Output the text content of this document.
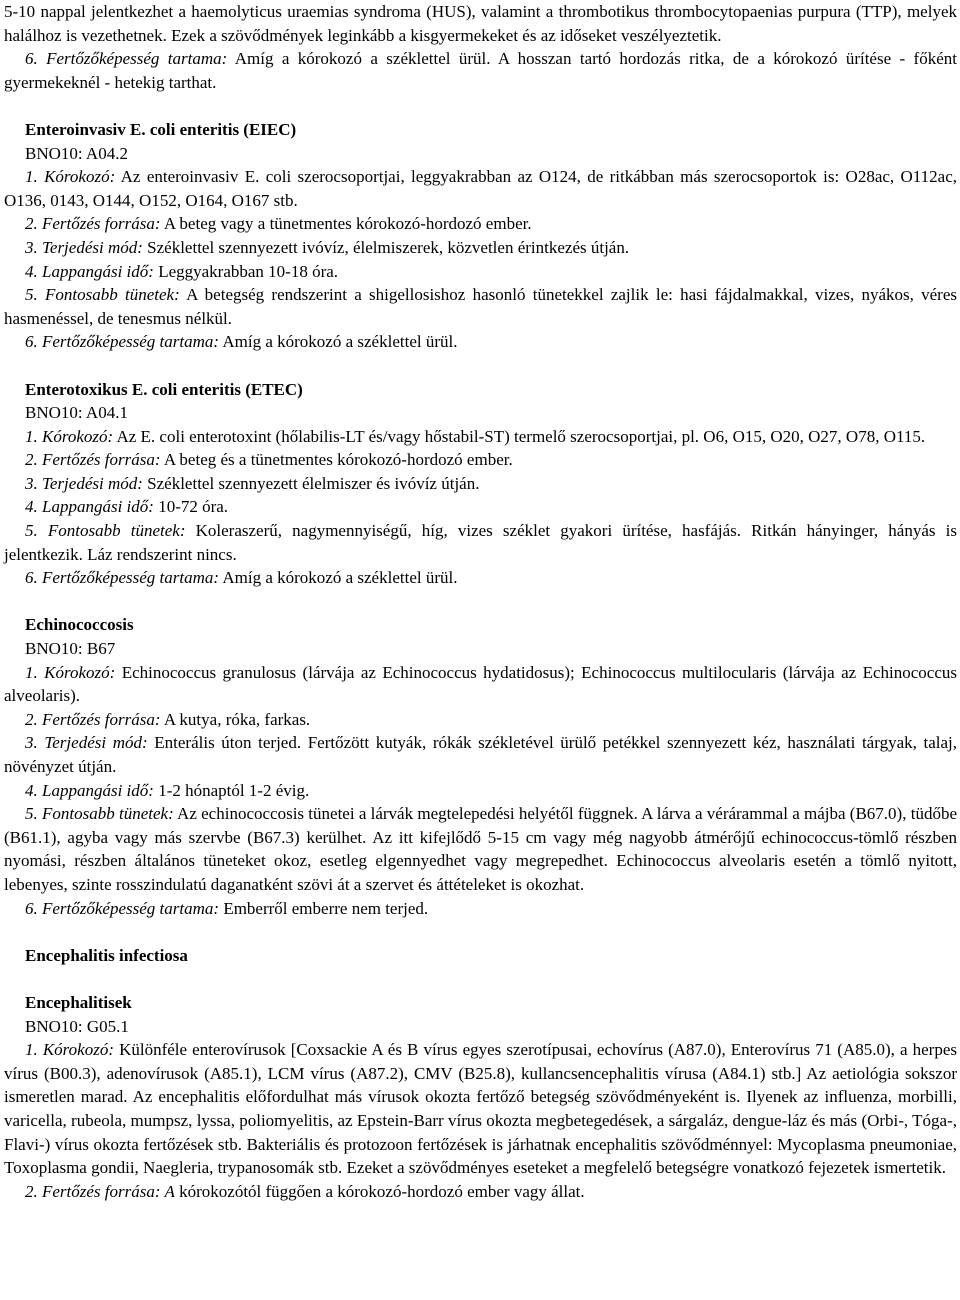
5-10 nappal jelentkezhet a haemolyticus uraemias syndroma (HUS), valamint a thrombotikus thrombocytopaenias purpura (TTP), melyek halálhoz is vezethetnek. Ezek a szövődmények leginkább a kisgyermekeket és az időseket veszélyeztetik.

6. Fertőzőképesség tartama: Amíg a kórokozó a széklettel ürül. A hosszan tartó hordozás ritka, de a kórokozó ürítése - főként gyermekeknél - hetekig tarthat.

Enteroinvasiv E. coli enteritis (EIEC)
BNO10: A04.2

1. Kórokozó: Az enteroinvasiv E. coli szerocsoportjai, leggyakrabban az O124, de ritkábban más szerocsoportok is: O28ac, O112ac, O136, 0143, O144, O152, O164, O167 stb.

2. Fertőzés forrása: A beteg vagy a tünetmentes kórokozó-hordozó ember.

3. Terjedési mód: Széklettel szennyezett ivóvíz, élelmiszerek, közvetlen érintkezés útján.

4. Lappangási idő: Leggyakrabban 10-18 óra.

5. Fontosabb tünetek: A betegség rendszerint a shigellosishoz hasonló tünetekkel zajlik le: hasi fájdalmakkal, vizes, nyákos, véres hasmenéssel, de tenesmus nélkül.

6. Fertőzőképesség tartama: Amíg a kórokozó a széklettel ürül.

Enterotoxikus E. coli enteritis (ETEC)
BNO10: A04.1

1. Kórokozó: Az E. coli enterotoxint (hőlabilis-LT és/vagy hőstabil-ST) termelő szerocsoportjai, pl. O6, O15, O20, O27, O78, O115.

2. Fertőzés forrása: A beteg és a tünetmentes kórokozó-hordozó ember.

3. Terjedési mód: Széklettel szennyezett élelmiszer és ivóvíz útján.

4. Lappangási idő: 10-72 óra.

5. Fontosabb tünetek: Koleraszerű, nagymennyiségű, híg, vizes széklet gyakori ürítése, hasfájás. Ritkán hányinger, hányás is jelentkezik. Láz rendszerint nincs.

6. Fertőzőképesség tartama: Amíg a kórokozó a széklettel ürül.

Echinococcosis
BNO10: B67

1. Kórokozó: Echinococcus granulosus (lárvája az Echinococcus hydatidosus); Echinococcus multilocularis (lárvája az Echinococcus alveolaris).

2. Fertőzés forrása: A kutya, róka, farkas.

3. Terjedési mód: Enterális úton terjed. Fertőzött kutyák, rókák székletével ürülő petékkel szennyezett kéz, használati tárgyak, talaj, növényzet útján.

4. Lappangási idő: 1-2 hónaptól 1-2 évig.

5. Fontosabb tünetek: Az echinococcosis tünetei a lárvák megtelepedési helyétől függnek. A lárva a vérárammal a májba (B67.0), tüdőbe (B61.1), agyba vagy más szervbe (B67.3) kerülhet. Az itt kifejlődő 5-15 cm vagy még nagyobb átmérőjű echinococcus-tömlő részben nyomási, részben általános tüneteket okoz, esetleg elgennyedhet vagy megrepedhet. Echinococcus alveolaris esetén a tömlő nyitott, lebenyes, szinte rosszindulatú daganatként szövi át a szervet és áttételeket is okozhat.

6. Fertőzőképesség tartama: Emberről emberre nem terjed.

Encephalitis infectiosa
Encephalitisek
BNO10: G05.1

1. Kórokozó: Különféle enterovírusok [Coxsackie A és B vírus egyes szerotípusai, echovírus (A87.0), Enterovírus 71 (A85.0), a herpes vírus (B00.3), adenovírusok (A85.1), LCM vírus (A87.2), CMV (B25.8), kullancsencephalitis vírusa (A84.1) stb.] Az aetiológia sokszor ismeretlen marad. Az encephalitis előfordulhat más vírusok okozta fertőző betegség szövődményeként is. Ilyenek az influenza, morbilli, varicella, rubeola, mumpsz, lyssa, poliomyelitis, az Epstein-Barr vírus okozta megbetegedések, a sárgaláz, dengue-láz és más (Orbi-, Tóga-, Flavi-) vírus okozta fertőzések stb. Bakteriális és protozoon fertőzések is járhatnak encephalitis szövődménnyel: Mycoplasma pneumoniae, Toxoplasma gondii, Naegleria, trypanosomák stb. Ezeket a szövődményes eseteket a megfelelő betegségre vonatkozó fejezetek ismertetik.

2. Fertőzés forrása: A kórokozótól függően a kórokozó-hordozó ember vagy állat.
